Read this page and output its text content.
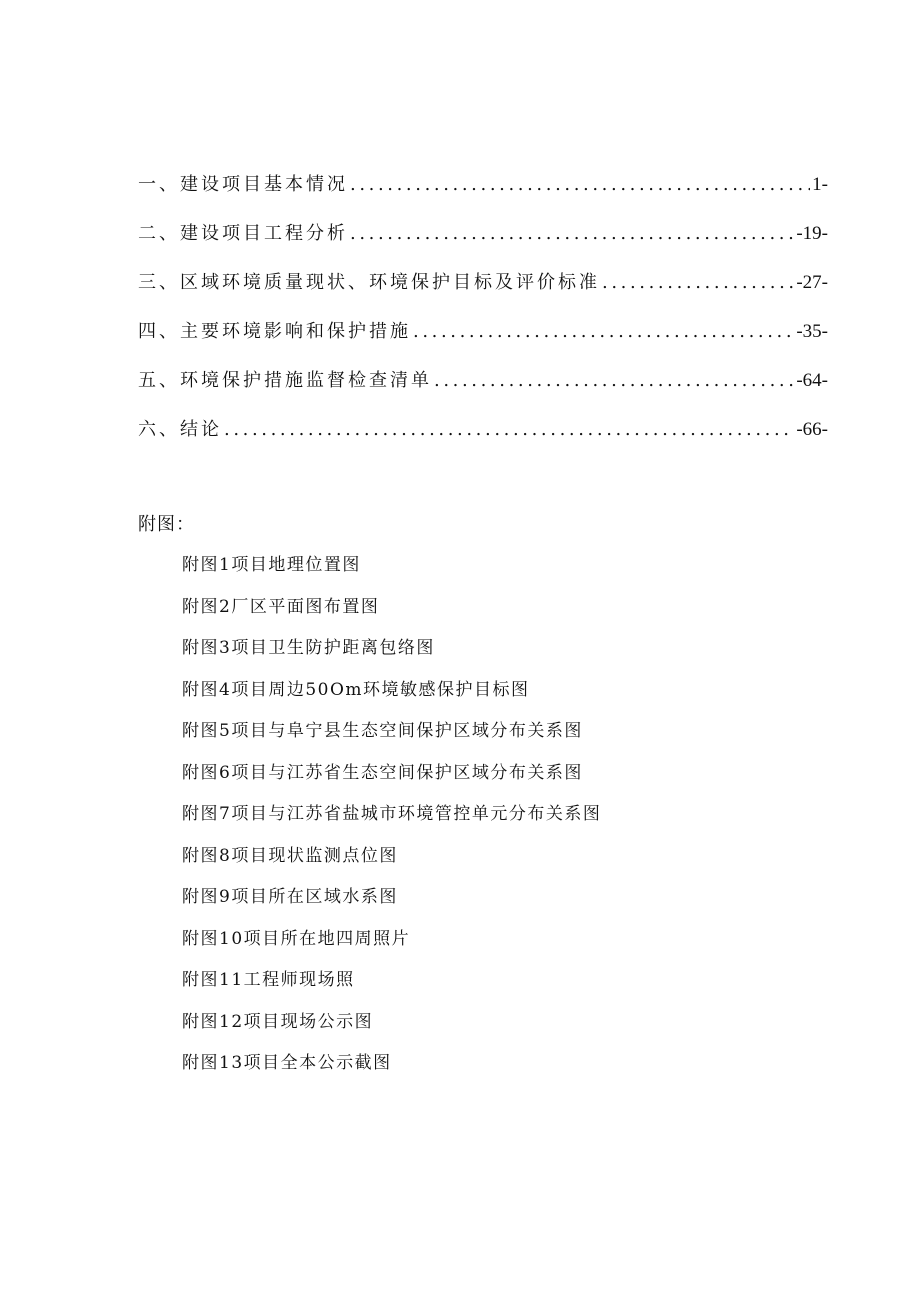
一、建设项目基本情况 .....	1-
二、建设项目工程分析 .....	-19-
三、区域环境质量现状、环境保护目标及评价标准 .....	-27-
四、主要环境影响和保护措施 .....	-35-
五、环境保护措施监督检查清单 .....	-64-
六、结论 .....	-66-
附图：
附图1项目地理位置图
附图2厂区平面图布置图
附图3项目卫生防护距离包络图
附图4项目周边50Om环境敏感保护目标图
附图5项目与阜宁县生态空间保护区域分布关系图
附图6项目与江苏省生态空间保护区域分布关系图
附图7项目与江苏省盐城市环境管控单元分布关系图
附图8项目现状监测点位图
附图9项目所在区域水系图
附图10项目所在地四周照片
附图11工程师现场照
附图12项目现场公示图
附图13项目全本公示截图
